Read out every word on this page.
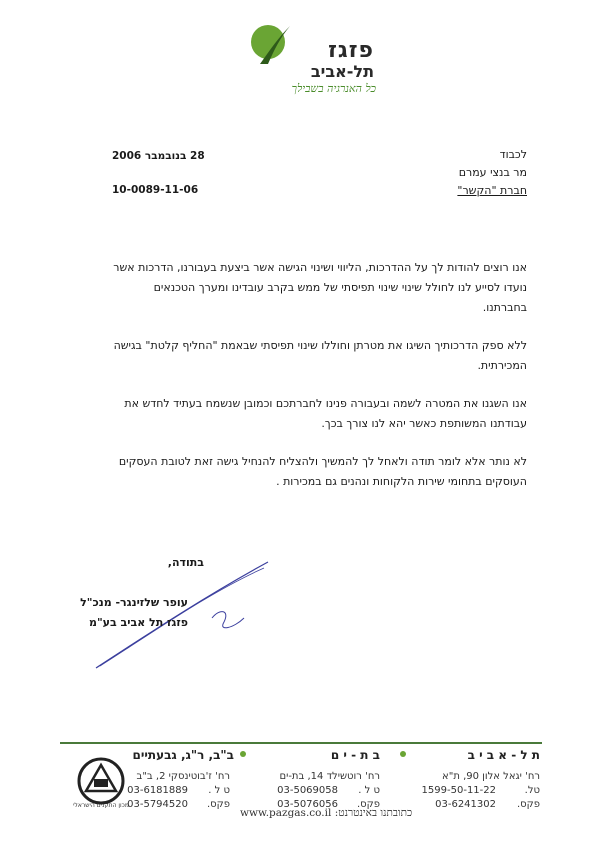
פזגז
תל-אביב
כל האנרגיה בשבילך
לכבוד
מר בנצי עמרם
חברת "הקשר"
28 בנובמבר 2006
10-0089-11-06

אנו רוצים להודות לך על ההדרכות, הליווי ושינוי הגישה אשר ביצעת בעבורנו, הדרכות אשר נועדו לסייע לנו לחולל שינוי שינוי תפיסתי של ממש בקרב עובדינו ומערך הטכנאים בחברתנו.

ללא ספק הדרכותיך השיגו את מטרתן וחוללו שינוי תפיסתי שבאמת "החליף קלטת" בגישה המכירתית.

אנו השגנו את המטרה לשמה ובעבורה פנינו לחברתכם וכמובן שנשמח בעתיד לחדש את עבודתנו המשותפת כאשר יהא לנו צורך בכך.

לא נותר אלא לומר תודה ולאחל לך להמשיך ולהצליח להנחיל גישה זאת לטובת העסקים העוסקים בתחומי שירות הלקוחות ונהנים גם במכירות .

בתודה,
עופר שלזינגר- מנכ"ל
פזגז תל אביב בע"מ
ת ל - א ב י ב
ב ת - י ם
ב"ב, ר"ג, גבעתיים
רח' יגאל אלון 90, ת"א
טל.
1599-50-11-22
פקס.
03-6241302
רח' רוטשילד 14, בת-ים
ט ל .
03-5069058
פקס.
03-5076056
רח' ז'בוטינסקי 2, ב"ב
ט ל .
03-6181889
פקס.
03-5794520
כתובתנו באינטרנט: www.pazgas.co.il
מכון התקנים הישראלי
